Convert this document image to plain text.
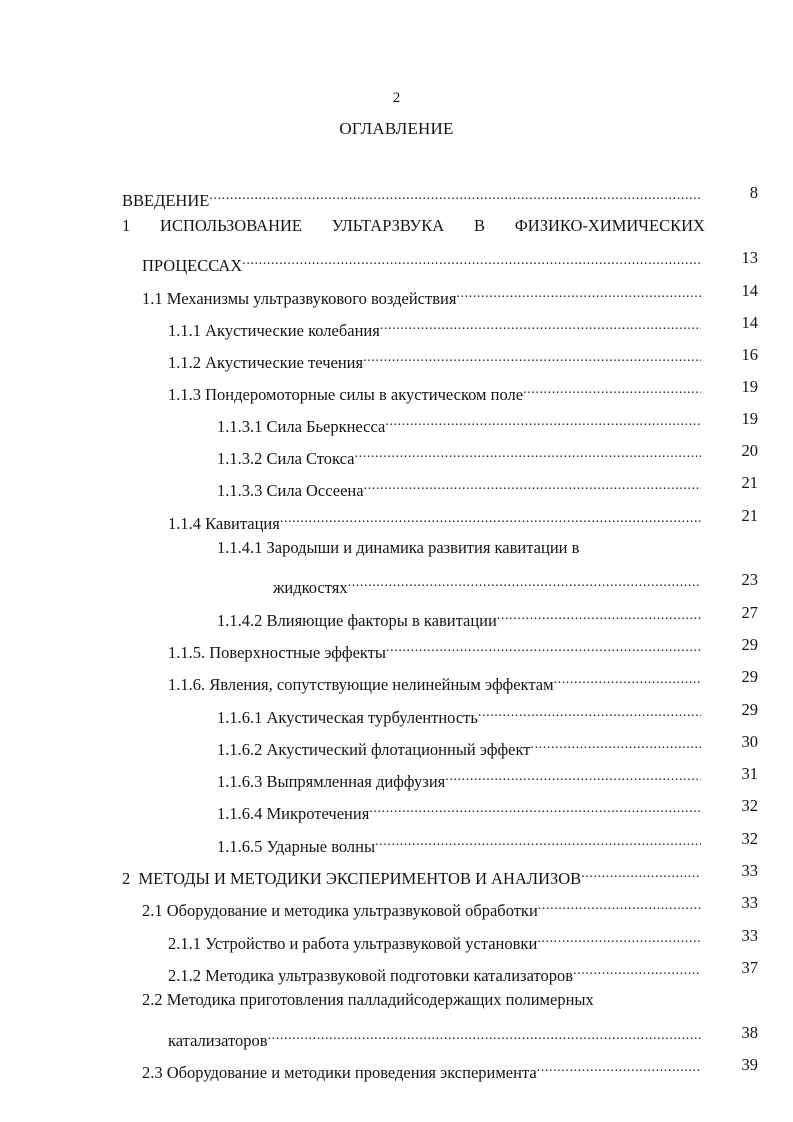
2
ОГЛАВЛЕНИЕ
ВВЕДЕНИЕ .....	8
1 ИСПОЛЬЗОВАНИЕ УЛЬТАРЗВУКА В ФИЗИКО-ХИМИЧЕСКИХ
ПРОЦЕССАХ .....	13
1.1 Механизмы ультразвукового воздействия .....	14
1.1.1 Акустические колебания .....	14
1.1.2 Акустические течения .....	16
1.1.3 Пондеромоторные силы в акустическом поле .....	19
1.1.3.1 Сила Бьеркнесса .....	19
1.1.3.2 Сила Стокса .....	20
1.1.3.3 Сила Оссеена .....	21
1.1.4 Кавитация .....	21
1.1.4.1 Зародыши и динамика развития кавитации в
жидкостях .....	23
1.1.4.2 Влияющие факторы в кавитации .....	27
1.1.5. Поверхностные эффекты .....	29
1.1.6. Явления, сопутствующие нелинейным эффектам .....	29
1.1.6.1 Акустическая турбулентность .....	29
1.1.6.2 Акустический флотационный эффект .....	30
1.1.6.3 Выпрямленная диффузия .....	31
1.1.6.4 Микротечения .....	32
1.1.6.5 Ударные волны .....	32
2  МЕТОДЫ И МЕТОДИКИ ЭКСПЕРИМЕНТОВ И АНАЛИЗОВ .....	33
2.1 Оборудование и методика ультразвуковой обработки .....	33
2.1.1 Устройство и работа ультразвуковой установки .....	33
2.1.2 Методика ультразвуковой подготовки катализаторов .....	37
2.2 Методика приготовления палладийсодержащих полимерных
катализаторов .....	38
2.3 Оборудование и методики проведения эксперимента .....	39
